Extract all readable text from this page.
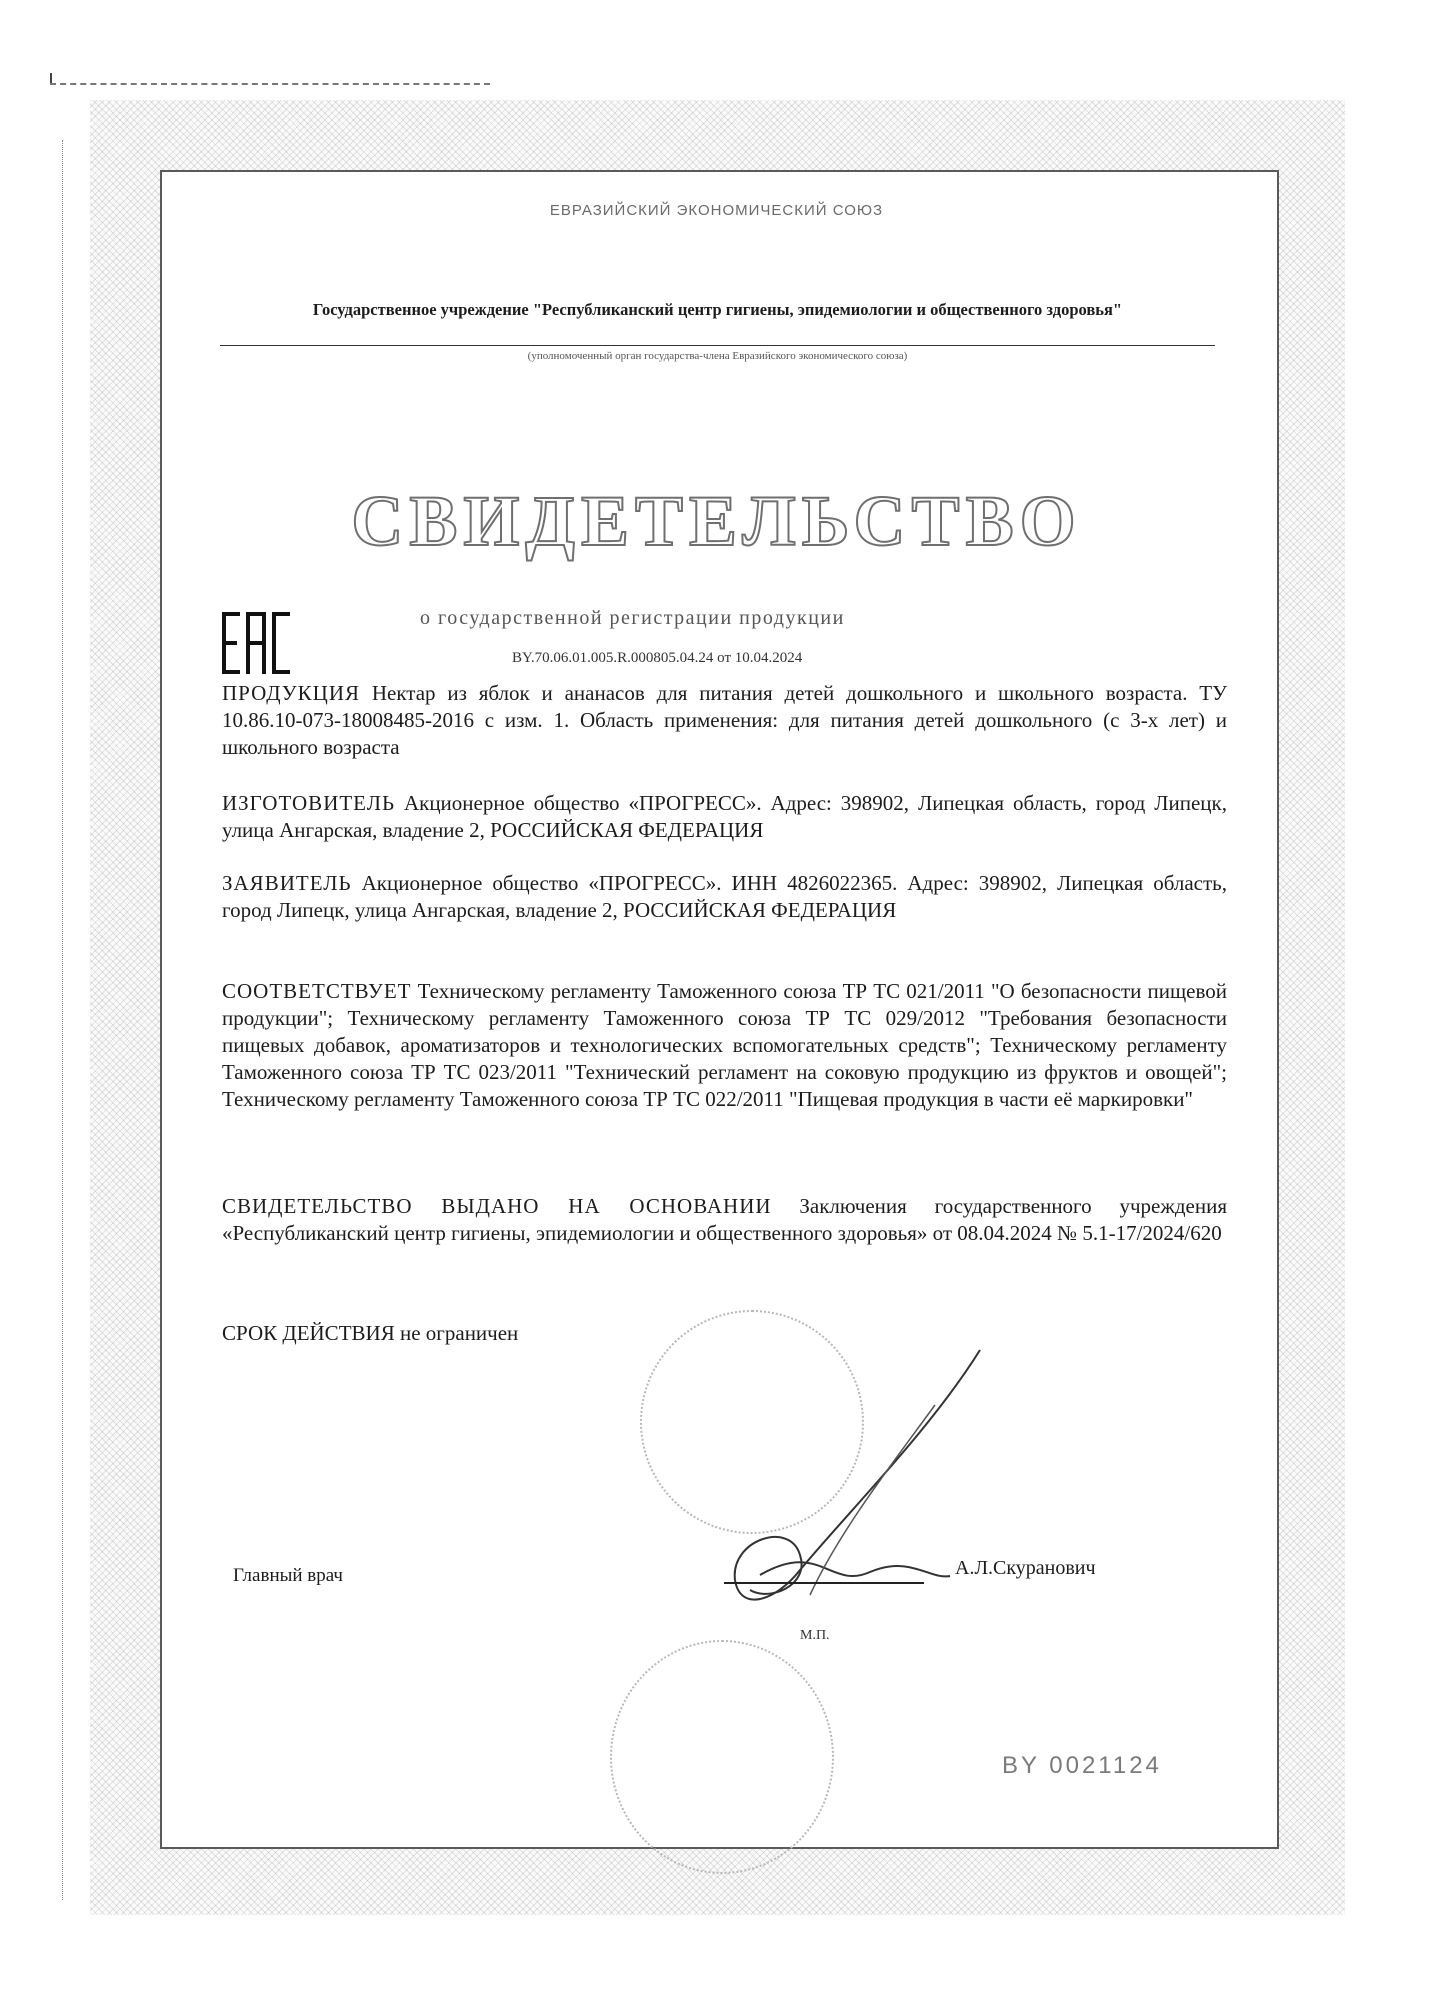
ЕВРАЗИЙСКИЙ ЭКОНОМИЧЕСКИЙ СОЮЗ
Государственное учреждение "Республиканский центр гигиены, эпидемиологии и общественного здоровья"
(уполномоченный орган государства-члена Евразийского экономического союза)
СВИДЕТЕЛЬСТВО
о государственной регистрации продукции
BY.70.06.01.005.R.000805.04.24 от 10.04.2024
ПРОДУКЦИЯ Нектар из яблок и ананасов для питания детей дошкольного и школьного возраста. ТУ 10.86.10-073-18008485-2016 с изм. 1. Область применения: для питания детей дошкольного (с 3-х лет) и школьного возраста
ИЗГОТОВИТЕЛЬ Акционерное общество «ПРОГРЕСС». Адрес: 398902, Липецкая область, город Липецк, улица Ангарская, владение 2, РОССИЙСКАЯ ФЕДЕРАЦИЯ
ЗАЯВИТЕЛЬ Акционерное общество «ПРОГРЕСС». ИНН 4826022365. Адрес: 398902, Липецкая область, город Липецк, улица Ангарская, владение 2, РОССИЙСКАЯ ФЕДЕРАЦИЯ
СООТВЕТСТВУЕТ Техническому регламенту Таможенного союза ТР ТС 021/2011 "О безопасности пищевой продукции"; Техническому регламенту Таможенного союза ТР ТС 029/2012 "Требования безопасности пищевых добавок, ароматизаторов и технологических вспомогательных средств"; Техническому регламенту Таможенного союза ТР ТС 023/2011 "Технический регламент на соковую продукцию из фруктов и овощей"; Техническому регламенту Таможенного союза ТР ТС 022/2011 "Пищевая продукция в части её маркировки"
СВИДЕТЕЛЬСТВО ВЫДАНО НА ОСНОВАНИИ Заключения государственного учреждения «Республиканский центр гигиены, эпидемиологии и общественного здоровья» от 08.04.2024 № 5.1-17/2024/620
СРОК ДЕЙСТВИЯ не ограничен
Главный врач	А.Л.Скуранович
М.П.
BY 0021124
